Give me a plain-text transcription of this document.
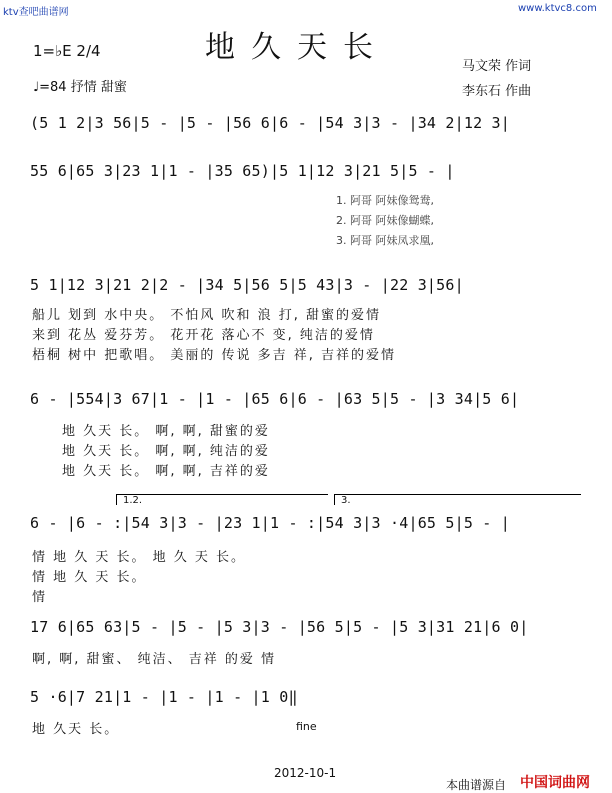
ktv查吧曲谱网	www.ktvc8.com
地久天长
1=♭E 2/4
♩=84 抒情 甜蜜
马文荣 作词
李东石 作曲
(5 1 2|3 56|5 - |5 - |56 6|6 - |54 3|3 - |34 2|12 3|
55 6|65 3|23 1|1 - |35 65)|5 1|12 3|21 5|5 - |
1. 阿哥 阿妹像鸳鸯,
2. 阿哥 阿妹像蝴蝶,
3. 阿哥 阿妹凤求凰,
5 1|12 3|21 2|2 - |34 5|56 5|5 43|3 - |22 3|56|
船儿 划到 水中央。 不怕风 吹和 浪 打, 甜蜜的爱情
来到 花丛 爱芬芳。 花开花 落心不 变, 纯洁的爱情
梧桐 树中 把歌唱。 美丽的 传说 多吉 祥, 吉祥的爱情
6 - |554|3 67|1 - |1 - |65 6|6 - |63 5|5 - |3 34|5 6|
地 久天 长。 啊, 啊, 甜蜜的爱
地 久天 长。 啊, 啊, 纯洁的爱
地 久天 长。 啊, 啊, 吉祥的爱
1.2.	3.
6 - |6 - :|54 3|3 - |23 1|1 - :|54 3|3 ·4|65 5|5 - |
情 地 久 天 长。 地 久 天 长。
情 地 久 天 长。
情
17 6|65 63|5 - |5 - |5 3|3 - |56 5|5 - |5 3|31 21|6 0|
啊, 啊, 甜蜜、 纯洁、 吉祥 的爱 情
5 ·6|7 21|1 - |1 - |1 - |1 0‖
地 久天 长。	fine
2012-10-1
本曲谱源自 中国词曲网
